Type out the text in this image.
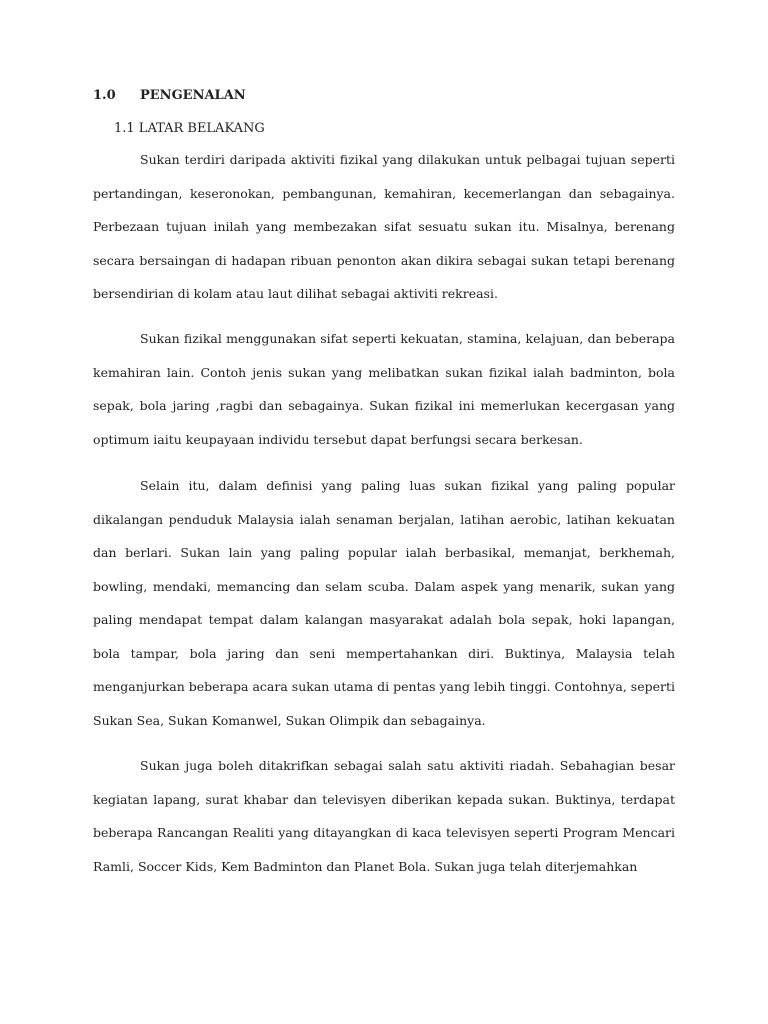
1.0 PENGENALAN
1.1 LATAR BELAKANG

Sukan terdiri daripada aktiviti fizikal yang dilakukan untuk pelbagai tujuan seperti pertandingan, keseronokan, pembangunan, kemahiran, kecemerlangan dan sebagainya. Perbezaan tujuan inilah yang membezakan sifat sesuatu sukan itu. Misalnya, berenang secara bersaingan di hadapan ribuan penonton akan dikira sebagai sukan tetapi berenang bersendirian di kolam atau laut dilihat sebagai aktiviti rekreasi.

Sukan fizikal menggunakan sifat seperti kekuatan, stamina, kelajuan, dan beberapa kemahiran lain. Contoh jenis sukan yang melibatkan sukan fizikal ialah badminton, bola sepak, bola jaring ,ragbi dan sebagainya. Sukan fizikal ini memerlukan kecergasan yang optimum iaitu keupayaan individu tersebut dapat berfungsi secara berkesan.

Selain itu, dalam definisi yang paling luas sukan fizikal yang paling popular dikalangan penduduk Malaysia ialah senaman berjalan, latihan aerobic, latihan kekuatan dan berlari. Sukan lain yang paling popular ialah berbasikal, memanjat, berkhemah, bowling, mendaki, memancing dan selam scuba. Dalam aspek yang menarik, sukan yang paling mendapat tempat dalam kalangan masyarakat adalah bola sepak, hoki lapangan, bola tampar, bola jaring dan seni mempertahankan diri. Buktinya, Malaysia telah menganjurkan beberapa acara sukan utama di pentas yang lebih tinggi. Contohnya, seperti Sukan Sea, Sukan Komanwel, Sukan Olimpik dan sebagainya.

Sukan juga boleh ditakrifkan sebagai salah satu aktiviti riadah. Sebahagian besar kegiatan lapang, surat khabar dan televisyen diberikan kepada sukan. Buktinya, terdapat beberapa Rancangan Realiti yang ditayangkan di kaca televisyen seperti Program Mencari Ramli, Soccer Kids, Kem Badminton dan Planet Bola. Sukan juga telah diterjemahkan
